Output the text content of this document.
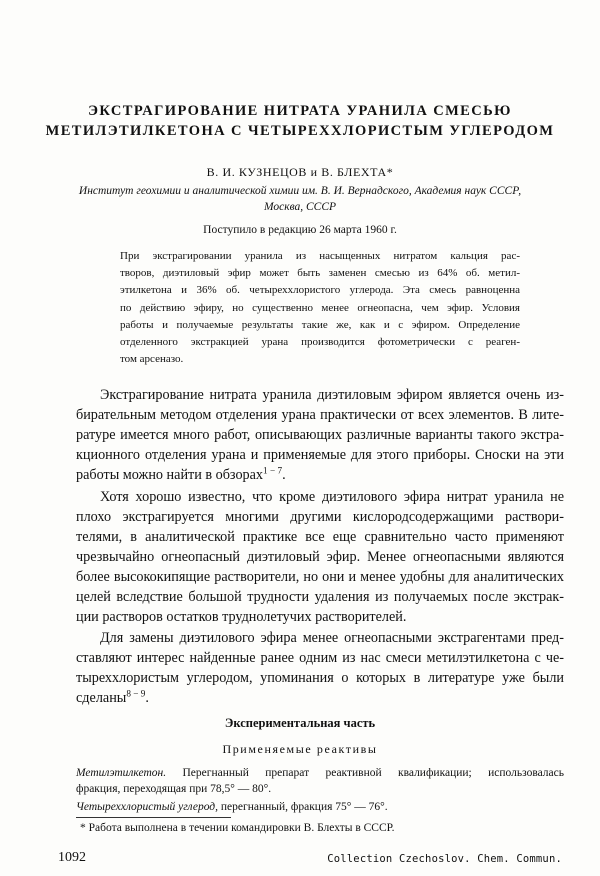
ЭКСТРАГИРОВАНИЕ НИТРАТА УРАНИЛА СМЕСЬЮ
МЕТИЛЭТИЛКЕТОНА С ЧЕТЫРЕХХЛОРИСТЫМ УГЛЕРОДОМ
В. И. КУЗНЕЦОВ и В. БЛЕХТА*
Институт геохимии и аналитической химии им. В. И. Вернадского, Академия наук СССР,
Москва, СССР
Поступило в редакцию 26 марта 1960 г.
При экстрагировании уранила из насыщенных нитратом кальция рас-
творов, диэтиловый эфир может быть заменен смесью из 64% об. метил-
этилкетона и 36% об. четыреххлористого углерода. Эта смесь равноценна
по действию эфиру, но существенно менее огнеопасна, чем эфир. Условия
работы и получаемые результаты такие же, как и с эфиром. Определение
отделенного экстракцией урана производится фотометрически с реаген-
том арсеназо.
Экстрагирование нитрата уранила диэтиловым эфиром является очень из-
бирательным методом отделения урана практически от всех элементов. В лите-
ратуре имеется много работ, описывающих различные варианты такого экстра-
кционного отделения урана и применяемые для этого приборы. Сноски на эти
работы можно найти в обзорах$^{1 - 7}$.
Хотя хорошо известно, что кроме диэтилового эфира нитрат уранила не
плохо экстрагируется многими другими кислородсодержащими раствори-
телями, в аналитической практике все еще сравнительно часто применяют
чрезвычайно огнеопасный диэтиловый эфир. Менее огнеопасными являются
более высококипящие растворители, но они и менее удобны для аналитических
целей вследствие большой трудности удаления из получаемых после экстрак-
ции растворов остатков труднолетучих растворителей.
Для замены диэтилового эфира менее огнеопасными экстрагентами пред-
ставляют интерес найденные ранее одним из нас смеси метилэтилкетона с че-
тыреххлористым углеродом, упоминания о которых в литературе уже были
сделаны$^{8 - 9}$.
Экспериментальная часть
Применяемые реактивы
Метилэтилкетон. Перегнанный препарат реактивной квалификации; использовалась
фракция, переходящая при 78,5° — 80°.
Четыреххлористый углерод, перегнанный, фракция 75° — 76°.
* Работа выполнена в течении командировки В. Блехты в СССР.
1092	Collection Czechoslov. Chem. Commun.
